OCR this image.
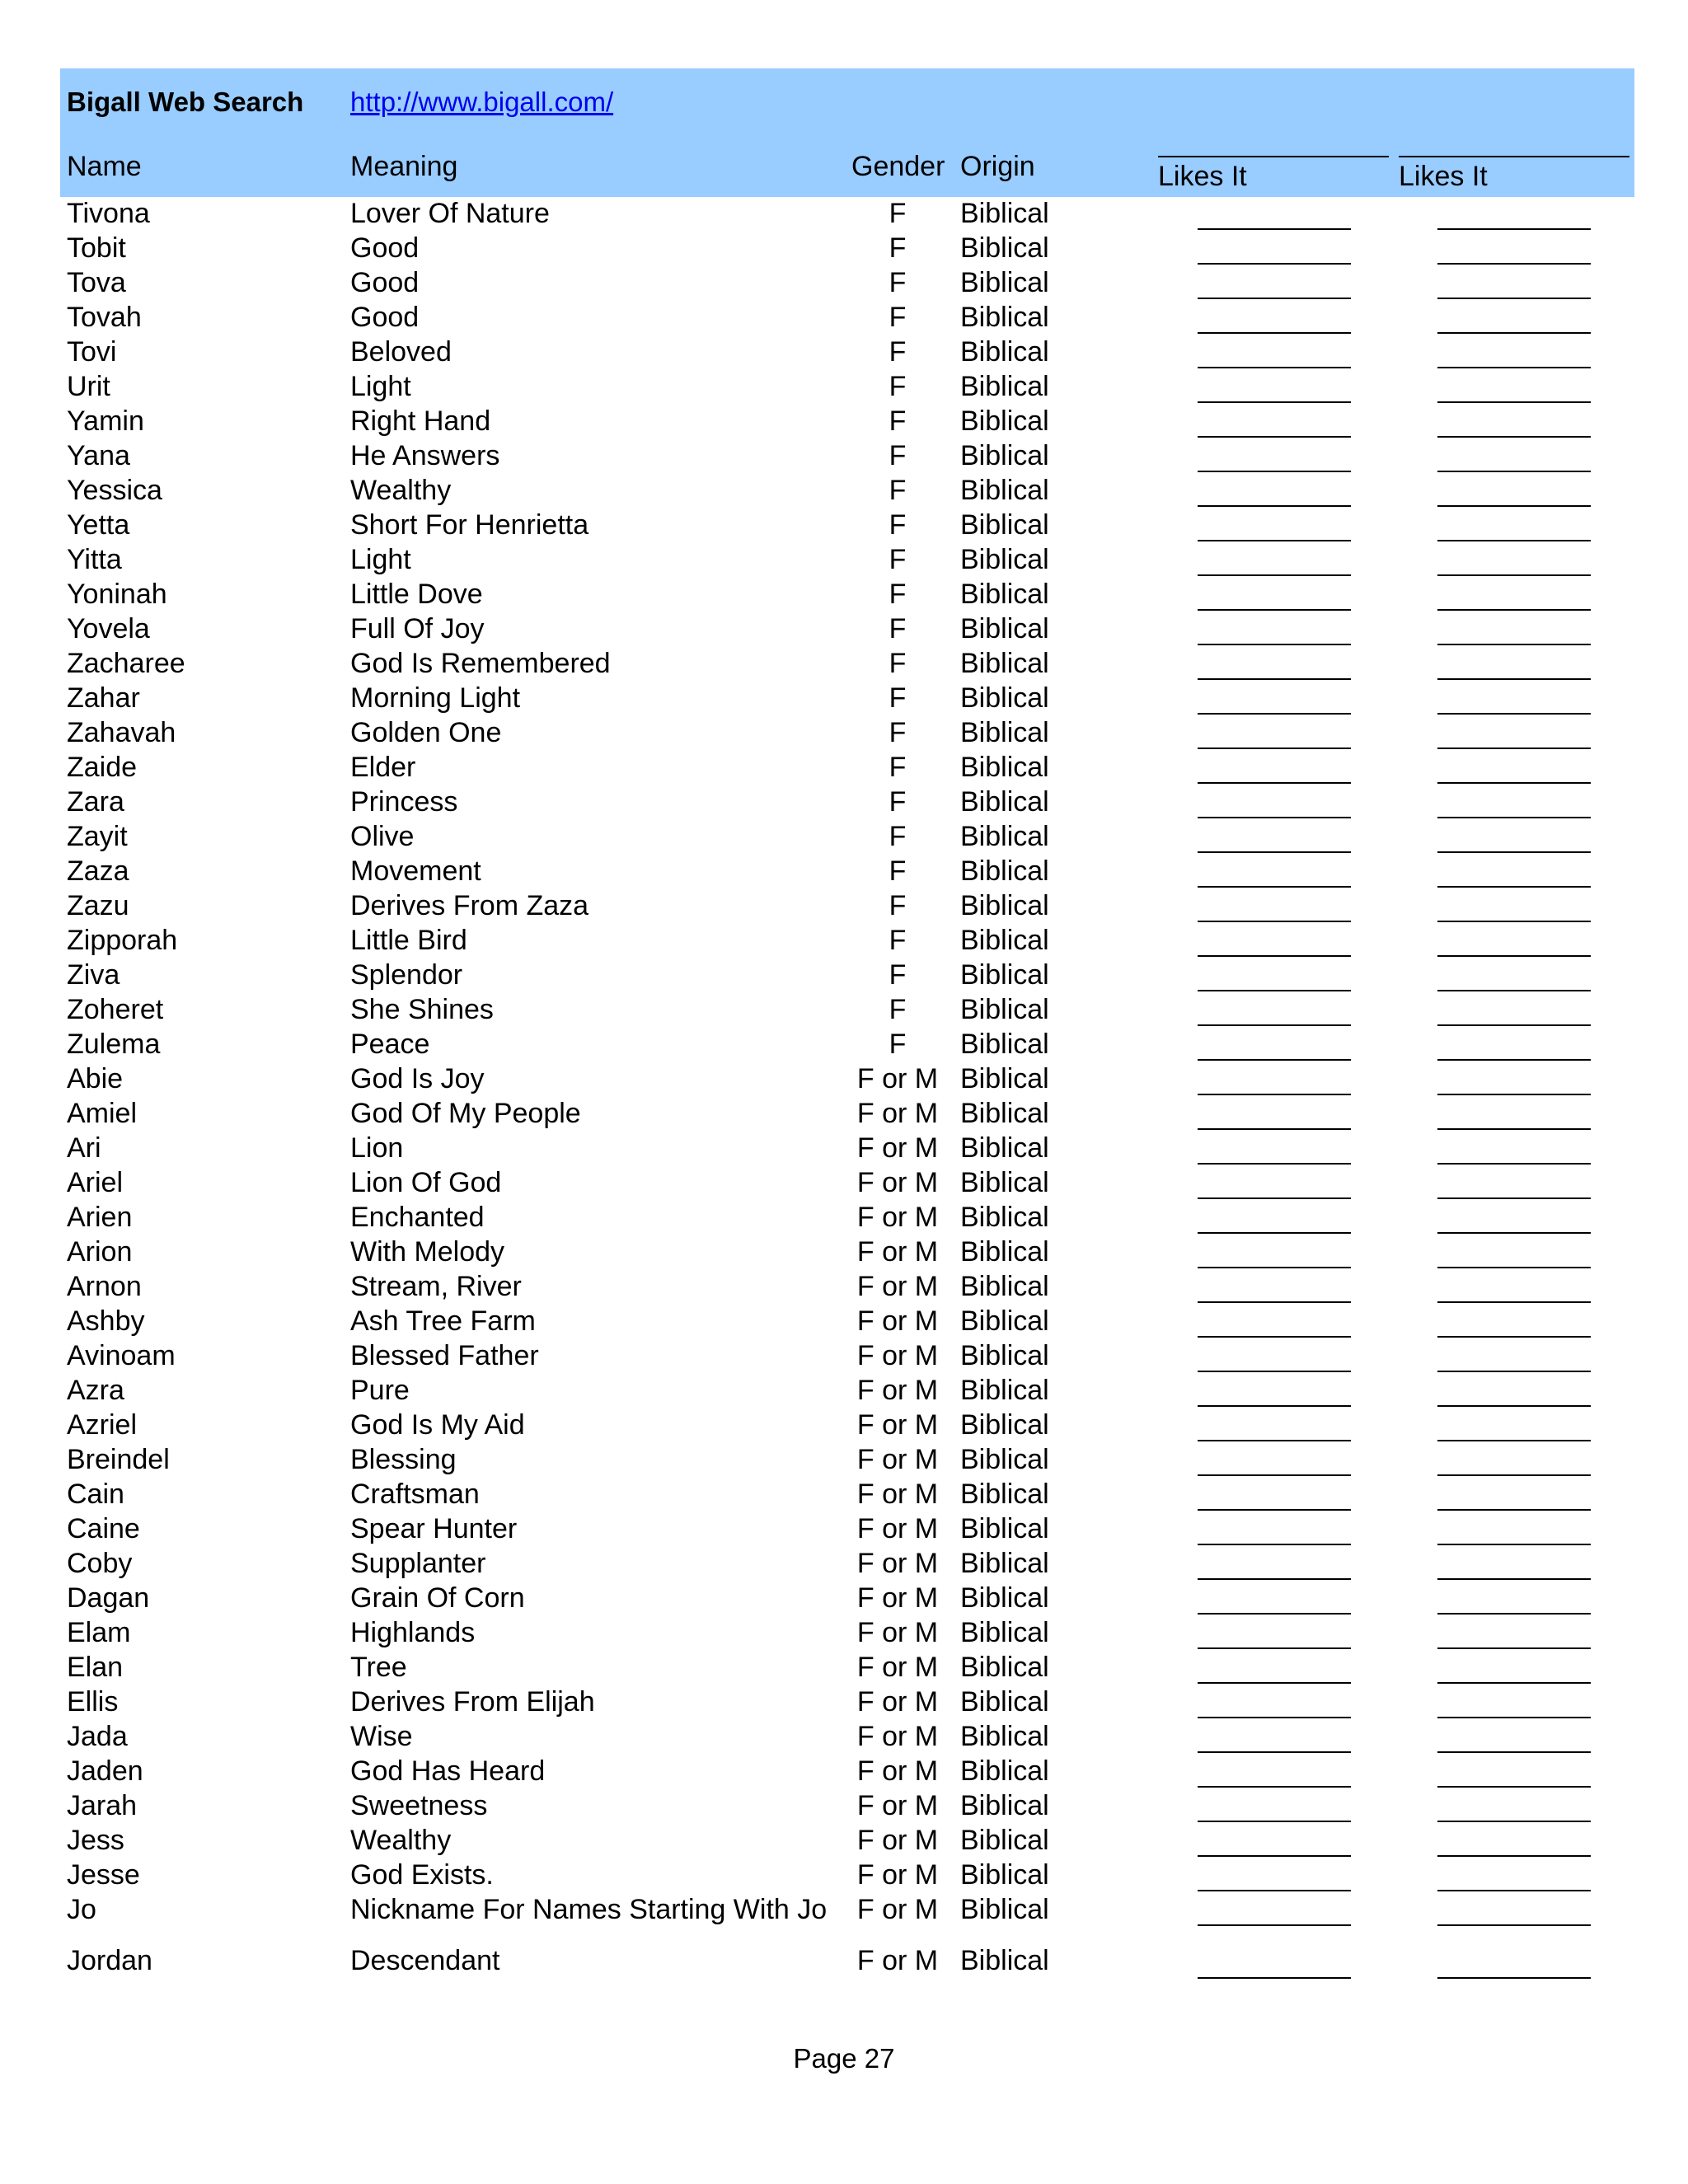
Bigall Web Search http://www.bigall.com/
Name	Meaning	Gender Origin	Likes It	Likes It
Tivona	Lover Of Nature	F	Biblical
Tobit	Good	F	Biblical
Tova	Good	F	Biblical
Tovah	Good	F	Biblical
Tovi	Beloved	F	Biblical
Urit	Light	F	Biblical
Yamin	Right Hand	F	Biblical
Yana	He Answers	F	Biblical
Yessica	Wealthy	F	Biblical
Yetta	Short For Henrietta	F	Biblical
Yitta	Light	F	Biblical
Yoninah	Little Dove	F	Biblical
Yovela	Full Of Joy	F	Biblical
Zacharee	God Is Remembered	F	Biblical
Zahar	Morning Light	F	Biblical
Zahavah	Golden One	F	Biblical
Zaide	Elder	F	Biblical
Zara	Princess	F	Biblical
Zayit	Olive	F	Biblical
Zaza	Movement	F	Biblical
Zazu	Derives From Zaza	F	Biblical
Zipporah	Little Bird	F	Biblical
Ziva	Splendor	F	Biblical
Zoheret	She Shines	F	Biblical
Zulema	Peace	F	Biblical
Abie	God Is Joy	F or M Biblical
Amiel	God Of My People	F or M Biblical
Ari	Lion	F or M Biblical
Ariel	Lion Of God	F or M Biblical
Arien	Enchanted	F or M Biblical
Arion	With Melody	F or M Biblical
Arnon	Stream, River	F or M Biblical
Ashby	Ash Tree Farm	F or M Biblical
Avinoam	Blessed Father	F or M Biblical
Azra	Pure	F or M Biblical
Azriel	God Is My Aid	F or M Biblical
Breindel	Blessing	F or M Biblical
Cain	Craftsman	F or M Biblical
Caine	Spear Hunter	F or M Biblical
Coby	Supplanter	F or M Biblical
Dagan	Grain Of Corn	F or M Biblical
Elam	Highlands	F or M Biblical
Elan	Tree	F or M Biblical
Ellis	Derives From Elijah	F or M Biblical
Jada	Wise	F or M Biblical
Jaden	God Has Heard	F or M Biblical
Jarah	Sweetness	F or M Biblical
Jess	Wealthy	F or M Biblical
Jesse	God Exists.	F or M Biblical
Jo	Nickname For Names Starting With Jo F or M Biblical
Jordan	Descendant	F or M Biblical
Page 27
